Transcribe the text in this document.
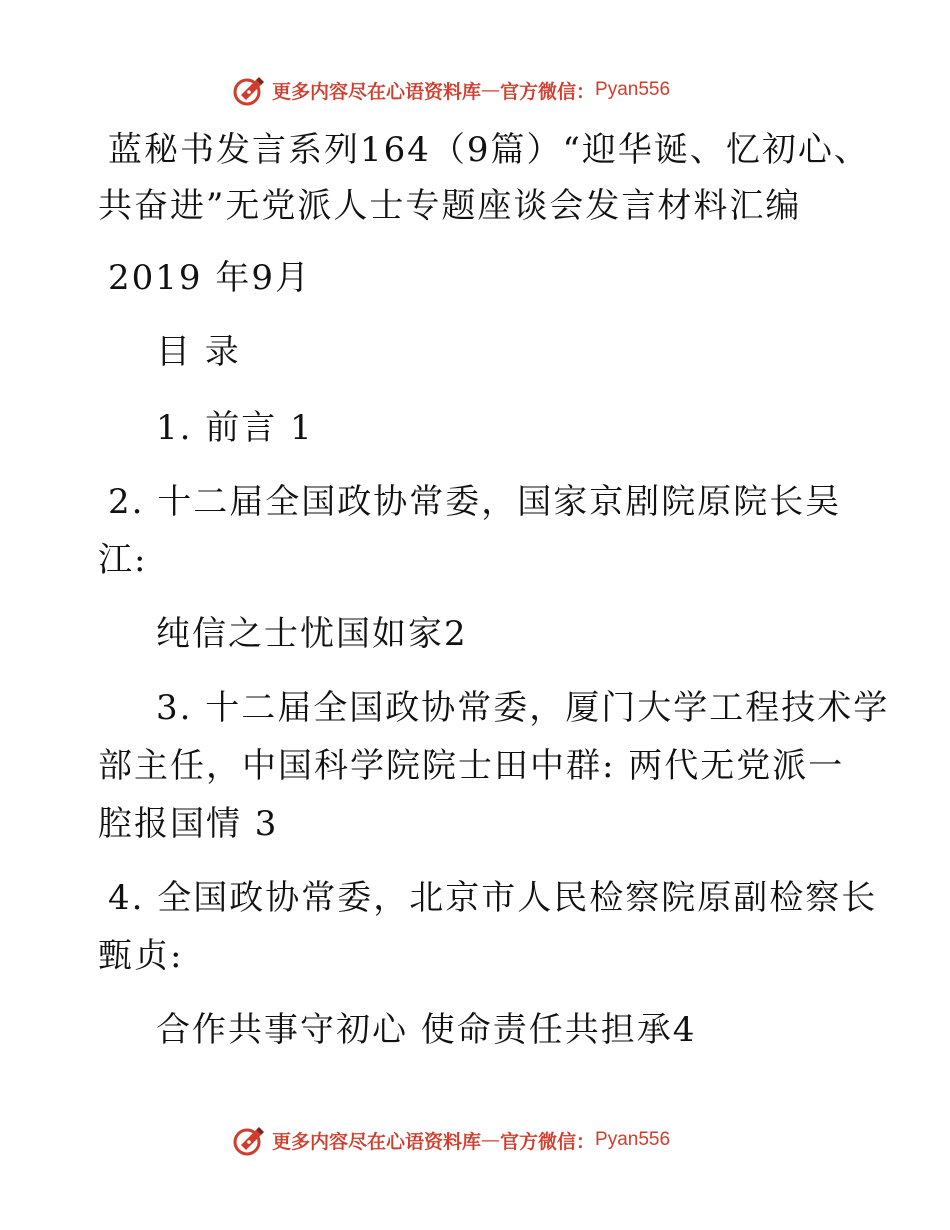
更多内容尽在心语资料库 — 官方微信： Pyan556
蓝秘书发言系列164（9篇）“迎华诞、忆初心、
共奋进”无党派人士专题座谈会发言材料汇编
2019 年9月
目 录
1. 前言 1
2. 十二届全国政协常委，国家京剧院原院长吴
江:
纯信之士忧国如家2
3. 十二届全国政协常委，厦门大学工程技术学
部主任，中国科学院院士田中群: 两代无党派一
腔报国情 3
4. 全国政协常委，北京市人民检察院原副检察长
甄贞:
合作共事守初心 使命责任共担承4
更多内容尽在心语资料库 — 官方微信： Pyan556
